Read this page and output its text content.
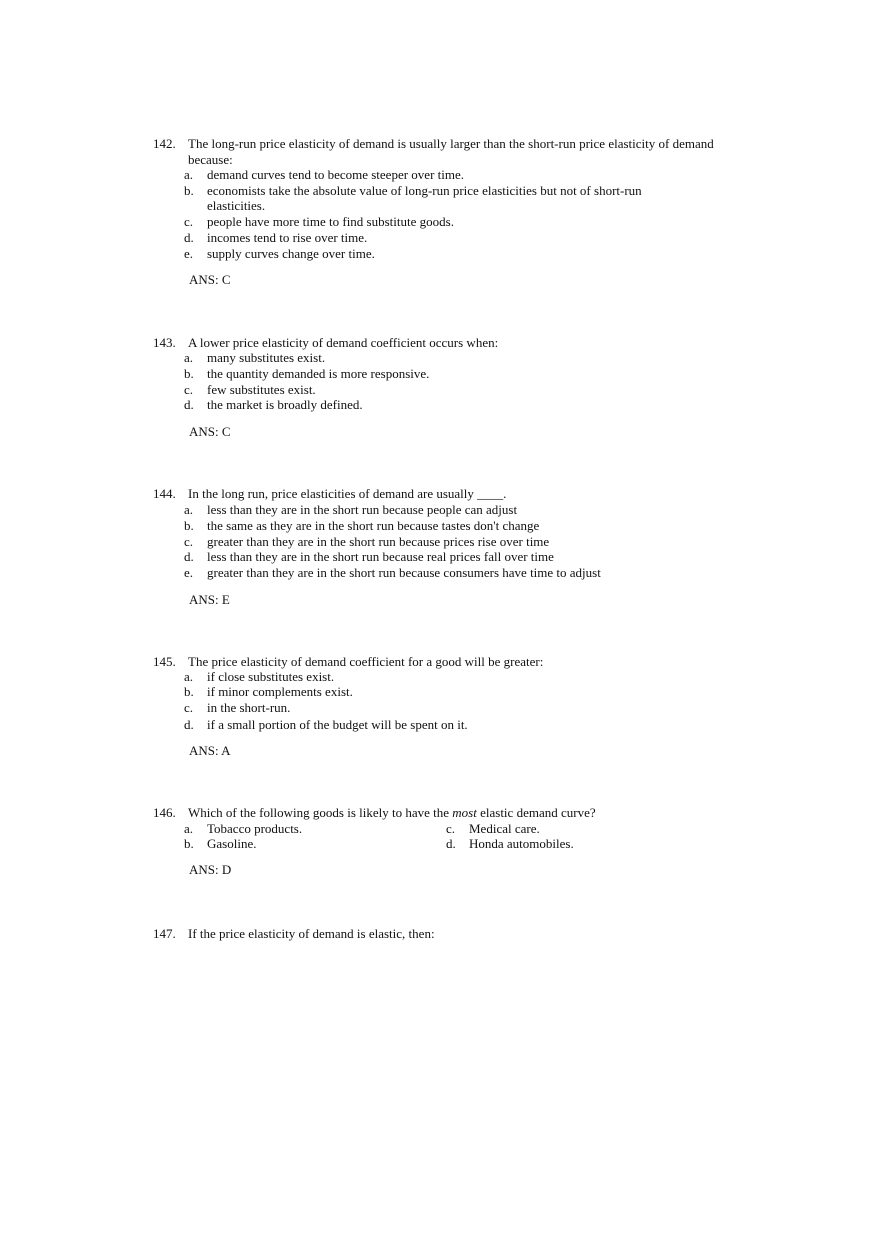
142. The long-run price elasticity of demand is usually larger than the short-run price elasticity of demand
because:
a. demand curves tend to become steeper over time.
b. economists take the absolute value of long-run price elasticities but not of short-run
elasticities.
c. people have more time to find substitute goods.
d. incomes tend to rise over time.
e. supply curves change over time.
ANS: C
143. A lower price elasticity of demand coefficient occurs when:
a. many substitutes exist.
b. the quantity demanded is more responsive.
c. few substitutes exist.
d. the market is broadly defined.
ANS: C
144. In the long run, price elasticities of demand are usually ____.
a. less than they are in the short run because people can adjust
b. the same as they are in the short run because tastes don't change
c. greater than they are in the short run because prices rise over time
d. less than they are in the short run because real prices fall over time
e. greater than they are in the short run because consumers have time to adjust
ANS: E
145. The price elasticity of demand coefficient for a good will be greater:
a. if close substitutes exist.
b. if minor complements exist.
c. in the short-run.
d. if a small portion of the budget will be spent on it.
ANS: A
146. Which of the following goods is likely to have the most elastic demand curve?
a. Tobacco products.
b. Gasoline.
c. Medical care.
d. Honda automobiles.
ANS: D
147. If the price elasticity of demand is elastic, then:
